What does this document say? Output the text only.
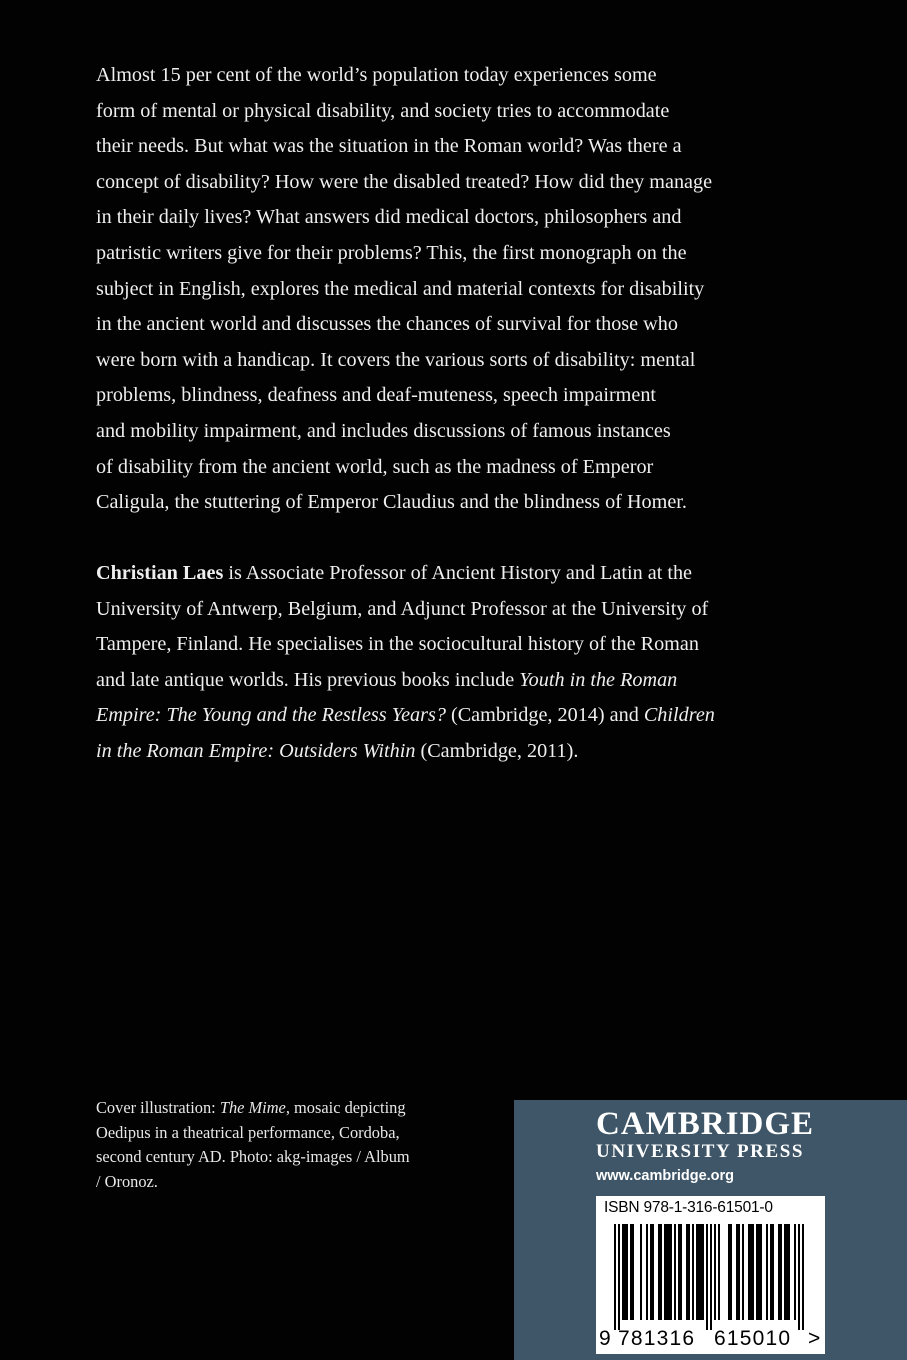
Almost 15 per cent of the world’s population today experiences some
form of mental or physical disability, and society tries to accommodate
their needs. But what was the situation in the Roman world? Was there a
concept of disability? How were the disabled treated? How did they manage
in their daily lives? What answers did medical doctors, philosophers and
patristic writers give for their problems? This, the first monograph on the
subject in English, explores the medical and material contexts for disability
in the ancient world and discusses the chances of survival for those who
were born with a handicap. It covers the various sorts of disability: mental
problems, blindness, deafness and deaf-muteness, speech impairment
and mobility impairment, and includes discussions of famous instances
of disability from the ancient world, such as the madness of Emperor
Caligula, the stuttering of Emperor Claudius and the blindness of Homer.
Christian Laes is Associate Professor of Ancient History and Latin at the
University of Antwerp, Belgium, and Adjunct Professor at the University of
Tampere, Finland. He specialises in the sociocultural history of the Roman
and late antique worlds. His previous books include Youth in the Roman
Empire: The Young and the Restless Years? (Cambridge, 2014) and Children
in the Roman Empire: Outsiders Within (Cambridge, 2011).
Cover illustration: The Mime, mosaic depicting
Oedipus in a theatrical performance, Cordoba,
second century AD. Photo: akg-images / Album
/ Oronoz.
CAMBRIDGE
UNIVERSITY PRESS
www.cambridge.org
ISBN 978-1-316-61501-0
9 781316 615010 >
